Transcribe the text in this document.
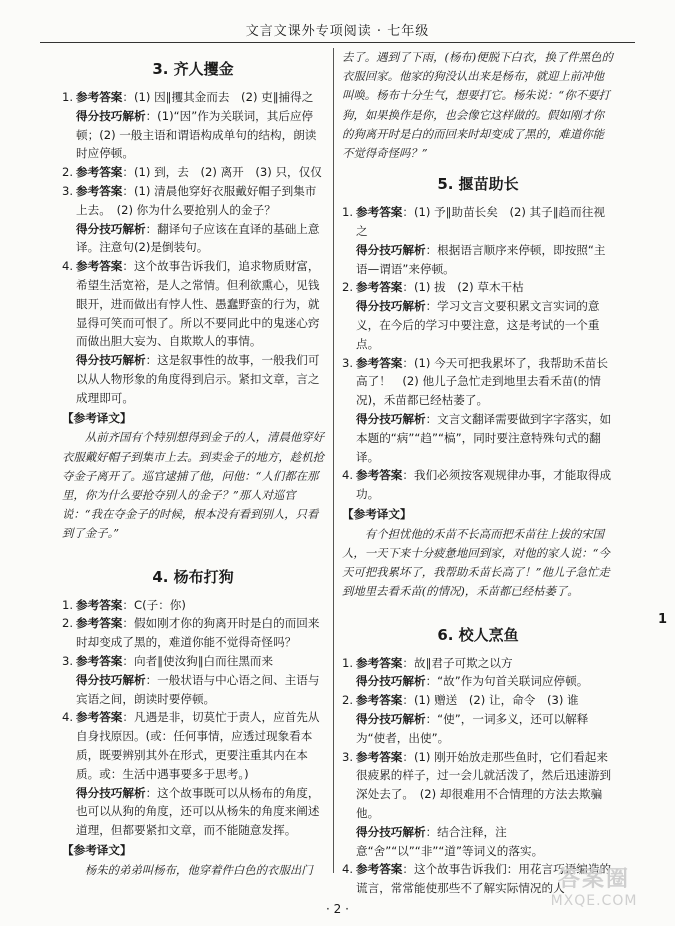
文言文课外专项阅读 · 七年级
3. 齐人攫金
1. 参考答案：(1) 因∥攫其金而去　(2) 吏∥捕得之
得分技巧解析：(1)“因”作为关联词，其后应停顿；(2) 一般主语和谓语构成单句的结构，朗读时应停顿。
2. 参考答案：(1) 到，去　(2) 离开　(3) 只，仅仅
3. 参考答案：(1) 清晨他穿好衣服戴好帽子到集市上去。　(2) 你为什么要抢别人的金子？
得分技巧解析：翻译句子应该在直译的基础上意译。注意句(2)是倒装句。
4. 参考答案：这个故事告诉我们，追求物质财富，希望生活宽裕，是人之常情。但利欲熏心，见钱眼开，进而做出有悖人性、愚蠢野蛮的行为，就显得可笑而可恨了。所以不要同此中的鬼迷心窍而做出胆大妄为、自欺欺人的事情。
得分技巧解析：这是叙事性的故事，一般我们可以从人物形象的角度得到启示。紧扣文章，言之成理即可。
【参考译文】

从前齐国有个特别想得到金子的人，清晨他穿好衣服戴好帽子到集市上去。到卖金子的地方，趁机抢夺金子离开了。巡官逮捕了他，问他：“人们都在那里，你为什么要抢夺别人的金子？”那人对巡官说：“我在夺金子的时候，根本没有看到别人，只看到了金子。”

4. 杨布打狗
1. 参考答案：C(子：你)
2. 参考答案：假如刚才你的狗离开时是白的而回来时却变成了黑的，难道你能不觉得奇怪吗？
3. 参考答案：向者∥使汝狗∥白而往黑而来
得分技巧解析：一般状语与中心语之间、主语与宾语之间，朗读时要停顿。
4. 参考答案：凡遇是非，切莫忙于责人，应首先从自身找原因。(或：任何事情，应透过现象看本质，既要辨别其外在形式，更要注重其内在本质。或：生活中遇事要多于思考。)
得分技巧解析：这个故事既可以从杨布的角度，也可以从狗的角度，还可以从杨朱的角度来阐述道理，但都要紧扣文章，而不能随意发挥。
【参考译文】

杨朱的弟弟叫杨布，他穿着件白色的衣服出门

去了。遇到了下雨，(杨布)便脱下白衣，换了件黑色的衣服回家。他家的狗没认出来是杨布，就迎上前冲他叫唤。杨布十分生气，想要打它。杨朱说：“你不要打狗，如果换作是你，也会像它这样做的。假如刚才你的狗离开时是白的而回来时却变成了黑的，难道你能不觉得奇怪吗？”

5. 揠苗助长
1. 参考答案：(1) 予∥助苗长矣　(2) 其子∥趋而往视之
得分技巧解析：根据语言顺序来停顿，即按照“主语—谓语”来停顿。
2. 参考答案：(1) 拔　(2) 草木干枯
得分技巧解析：学习文言文要积累文言实词的意义，在今后的学习中要注意，这是考试的一个重点。
3. 参考答案：(1) 今天可把我累坏了，我帮助禾苗长高了！　(2) 他儿子急忙走到地里去看禾苗(的情况)，禾苗都已经枯萎了。
得分技巧解析：文言文翻译需要做到字字落实，如本题的“病”“趋”“槁”，同时要注意特殊句式的翻译。
4. 参考答案：我们必须按客观规律办事，才能取得成功。
【参考译文】

有个担忧他的禾苗不长高而把禾苗往上拔的宋国人，一天下来十分疲惫地回到家，对他的家人说：“今天可把我累坏了，我帮助禾苗长高了！”他儿子急忙走到地里去看禾苗(的情况)，禾苗都已经枯萎了。

6. 校人烹鱼
1. 参考答案：故∥君子可欺之以方
得分技巧解析：“故”作为句首关联词应停顿。
2. 参考答案：(1) 赠送　(2) 让，命令　(3) 谁
得分技巧解析：“使”，一词多义，还可以解释为“使者，出使”。
3. 参考答案：(1) 刚开始放走那些鱼时，它们看起来很疲累的样子，过一会儿就活泼了，然后迅速游到深处去了。　(2) 却很难用不合情理的方法去欺骗他。
得分技巧解析：结合注释，注意“舍”“以”“非”“道”等词义的落实。
4. 参考答案：这个故事告诉我们：用花言巧语编造的谎言，常常能使那些不了解实际情况的人
1
· 2 ·
答案圈
MXQE.COM
